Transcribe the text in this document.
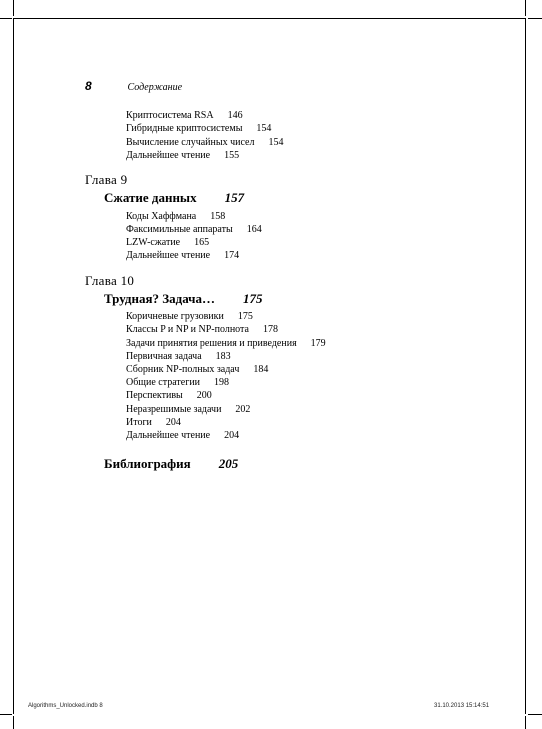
8	Содержание
Криптосистема RSA 146
Гибридные криптосистемы 154
Вычисление случайных чисел 154
Дальнейшее чтение 155
Глава 9
Сжатие данных 157
Коды Хаффмана 158
Факсимильные аппараты 164
LZW-сжатие 165
Дальнейшее чтение 174
Глава 10
Трудная? Задача… 175
Коричневые грузовики 175
Классы P и NP и NP-полнота 178
Задачи принятия решения и приведения 179
Первичная задача 183
Сборник NP-полных задач 184
Общие стратегии 198
Перспективы 200
Неразрешимые задачи 202
Итоги 204
Дальнейшее чтение 204
Библиография 205
Algorithms_Unlocked.indb 8	31.10.2013 15:14:51
